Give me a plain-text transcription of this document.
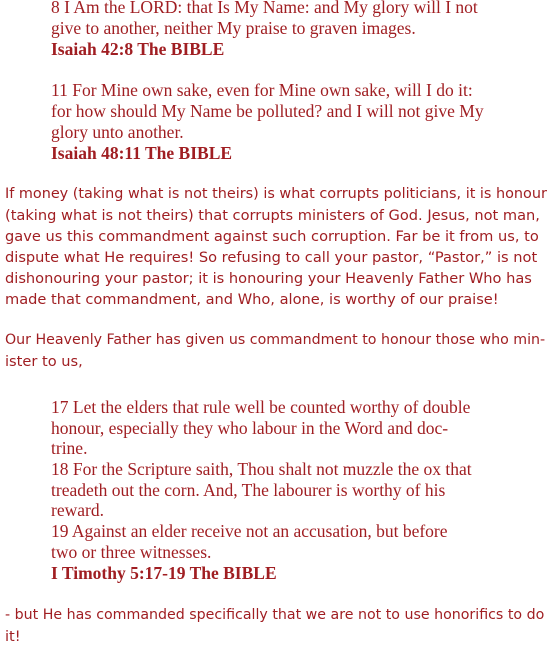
8 I Am the LORD: that Is My Name: and My glory will I not
give to another, neither My praise to graven images.
Isaiah 42:8 The BIBLE
11 For Mine own sake, even for Mine own sake, will I do it:
for how should My Name be polluted? and I will not give My
glory unto another.
Isaiah 48:11 The BIBLE
If money (taking what is not theirs) is what corrupts politicians, it is honour
(taking what is not theirs) that corrupts ministers of God. Jesus, not man,
gave us this commandment against such corruption. Far be it from us, to
dispute what He requires! So refusing to call your pastor, “Pastor,” is not
dishonouring your pastor; it is honouring your Heavenly Father Who has
made that commandment, and Who, alone, is worthy of our praise!
Our Heavenly Father has given us commandment to honour those who min-
ister to us,
17 Let the elders that rule well be counted worthy of double
honour, especially they who labour in the Word and doc-
trine.
18 For the Scripture saith, Thou shalt not muzzle the ox that
treadeth out the corn. And, The labourer is worthy of his
reward.
19 Against an elder receive not an accusation, but before
two or three witnesses.
I Timothy 5:17-19 The BIBLE
- but He has commanded specifically that we are not to use honorifics to do
it!
